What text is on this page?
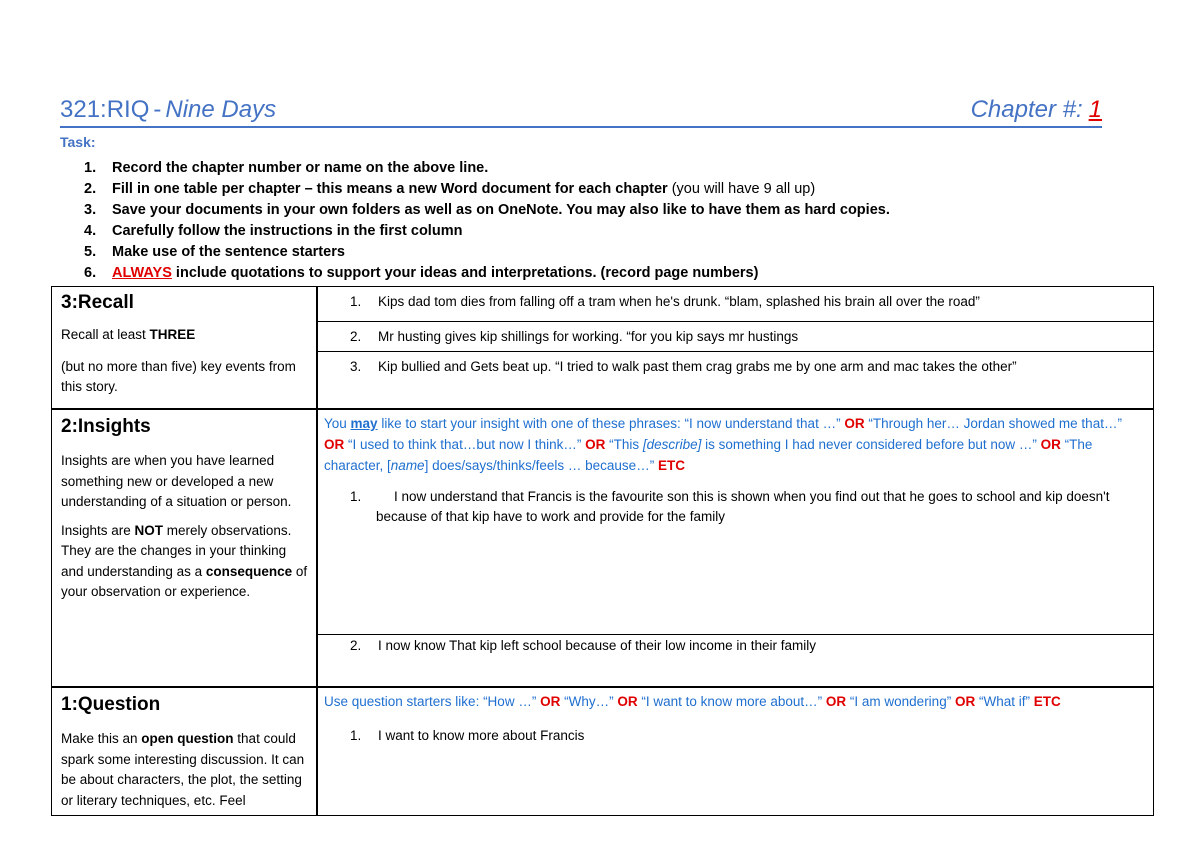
321:RIQ - Nine Days	Chapter #: 1
Task:
1.	Record the chapter number or name on the above line.
2.	Fill in one table per chapter – this means a new Word document for each chapter (you will have 9 all up)
3.	Save your documents in your own folders as well as on OneNote. You may also like to have them as hard copies.
4.	Carefully follow the instructions in the first column
5.	Make use of the sentence starters
6.	ALWAYS include quotations to support your ideas and interpretations. (record page numbers)
3:Recall
Recall at least THREE
(but no more than five) key events from this story.
1. Kips dad tom dies from falling off a tram when he's drunk. “blam, splashed his brain all over the road”
2. Mr husting gives kip shillings for working. “for you kip says mr hustings
3. Kip bullied and Gets beat up. “I tried to walk past them crag grabs me by one arm and mac takes the other”
2:Insights
Insights are when you have learned something new or developed a new understanding of a situation or person.
Insights are NOT merely observations. They are the changes in your thinking and understanding as a consequence of your observation or experience.
You may like to start your insight with one of these phrases: “I now understand that …” OR “Through her… Jordan showed me that…” OR “I used to think that…but now I think…” OR “This [describe] is something I had never considered before but now …” OR “The character, [name] does/says/thinks/feels … because…” ETC
1. I now understand that Francis is the favourite son this is shown when you find out that he goes to school and kip doesn't because of that kip have to work and provide for the family
2. I now know That kip left school because of their low income in their family
1:Question
Make this an open question that could spark some interesting discussion. It can be about characters, the plot, the setting or literary techniques, etc. Feel
Use question starters like: “How …” OR “Why…” OR “I want to know more about…” OR “I am wondering” OR “What if” ETC
1. I want to know more about Francis
